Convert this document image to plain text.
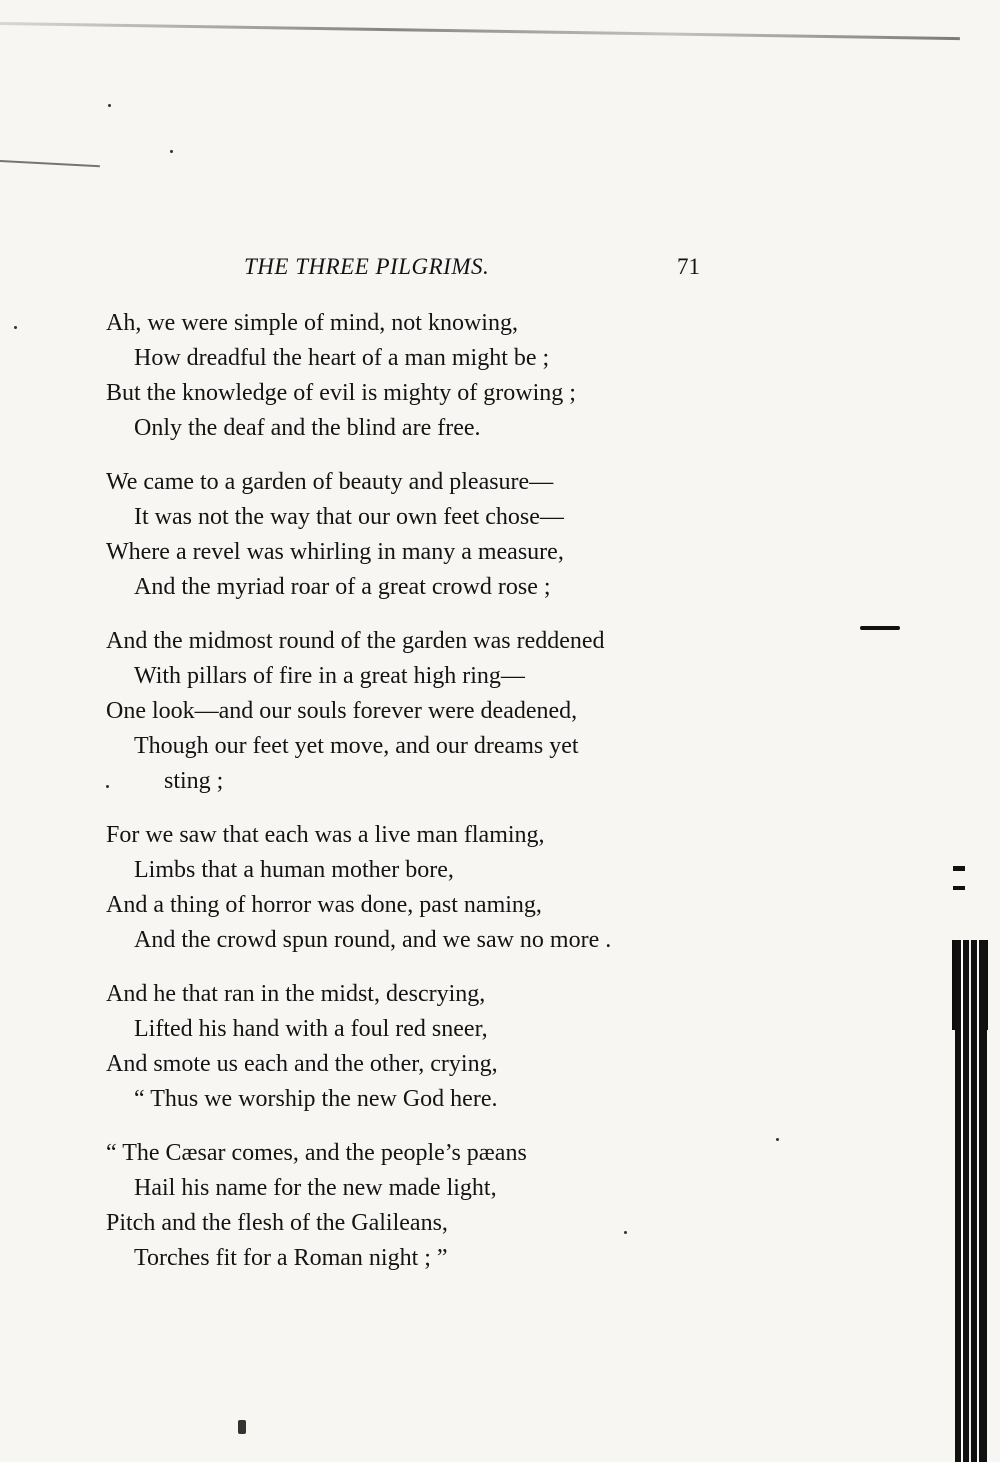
THE THREE PILGRIMS.	71
Ah, we were simple of mind, not knowing,
How dreadful the heart of a man might be ;
But the knowledge of evil is mighty of growing ;
Only the deaf and the blind are free.
We came to a garden of beauty and pleasure—
It was not the way that our own feet chose—
Where a revel was whirling in many a measure,
And the myriad roar of a great crowd rose ;
And the midmost round of the garden was reddened
With pillars of fire in a great high ring—
One look—and our souls forever were deadened,
Though our feet yet move, and our dreams yet
sting ;
For we saw that each was a live man flaming,
Limbs that a human mother bore,
And a thing of horror was done, past naming,
And the crowd spun round, and we saw no more .
And he that ran in the midst, descrying,
Lifted his hand with a foul red sneer,
And smote us each and the other, crying,
“ Thus we worship the new God here.
“ The Cæsar comes, and the people’s pæans
Hail his name for the new made light,
Pitch and the flesh of the Galileans,
Torches fit for a Roman night ; ”
